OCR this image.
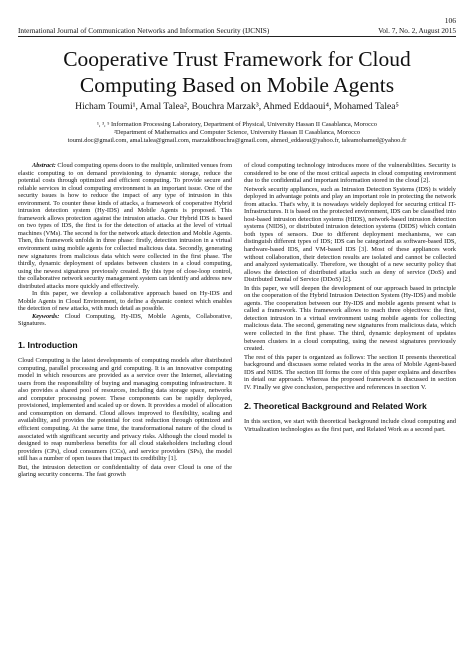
106
International Journal of Communication Networks and Information Security (IJCNIS)	Vol. 7, No. 2, August 2015
Cooperative Trust Framework for Cloud Computing Based on Mobile Agents
Hicham Toumi¹, Amal Talea², Bouchra Marzak³, Ahmed Eddaoui⁴, Mohamed Talea⁵
¹, ³, ⁵ Information Processing Laboratory, Department of Physical, University Hassan II Casablanca, Morocco
²Department of Mathematics and Computer Science, University Hassan II Casablanca, Morocco
toumi.doc@gmail.com, amal.talea@gmail.com, marzak8bouchra@gmail.com, ahmed_eddaoui@yahoo.fr, taleamohamed@yahoo.fr

Abstract: Cloud computing opens doors to the multiple, unlimited venues from elastic computing to on demand provisioning to dynamic storage, reduce the potential costs through optimized and efficient computing. To provide secure and reliable services in cloud computing environment is an important issue. One of the security issues is how to reduce the impact of any type of intrusion in this environment. To counter these kinds of attacks, a framework of cooperative Hybrid intrusion detection system (Hy-IDS) and Mobile Agents is proposed. This framework allows protection against the intrusion attacks. Our Hybrid IDS is based on two types of IDS, the first is for the detection of attacks at the level of virtual machines (VMs). The second is for the network attack detection and Mobile Agents. Then, this framework unfolds in three phase: firstly, detection intrusion in a virtual environment using mobile agents for collected malicious data. Secondly, generating new signatures from malicious data which were collected in the first phase. The thirdly, dynamic deployment of updates between clusters in a cloud computing, using the newest signatures previously created. By this type of close-loop control, the collaborative network security management system can identify and address new distributed attacks more quickly and effectively.

In this paper, we develop a collaborative approach based on Hy-IDS and Mobile Agents in Cloud Environment, to define a dynamic context which enables the detection of new attacks, with much detail as possible.

Keywords: Cloud Computing, Hy-IDS, Mobile Agents, Collaborative, Signatures.

1. Introduction

Cloud Computing is the latest developments of computing models after distributed computing, parallel processing and grid computing. It is an innovative computing model in which resources are provided as a service over the Internet, alleviating users from the responsibility of buying and managing computing infrastructure. It also provides a shared pool of resources, including data storage space, networks and computer processing power. These components can be rapidly deployed, provisioned, implemented and scaled up or down. It provides a model of allocation and consumption on demand. Cloud allows improved to flexibility, scaling and availability, and provides the potential for cost reduction through optimized and efficient computing. At the same time, the transformational nature of the cloud is associated with significant security and privacy risks. Although the cloud model is designed to reap numberless benefits for all cloud stakeholders including cloud providers (CPs), cloud consumers (CCs), and service providers (SPs), the model still has a number of open issues that impact its credibility [1].

But, the intrusion detection or confidentiality of data over Cloud is one of the glaring security concerns. The fast growth

of cloud computing technology introduces more of the vulnerabilities. Security is considered to be one of the most critical aspects in cloud computing environment due to the confidential and important information stored in the cloud [2].

Network security appliances, such as Intrusion Detection Systems (IDS) is widely deployed in advantage points and play an important role in protecting the network from attacks. That's why, it is nowadays widely deployed for securing critical IT-Infrastructures. It is based on the protected environment, IDS can be classified into host-based intrusion detection systems (HIDS), network-based intrusion detection systems (NIDS), or distributed intrusion detection systems (DIDS) which contain both types of sensors. Due to different deployment mechanisms, we can distinguish different types of IDS; IDS can be categorized as software-based IDS, hardware-based IDS, and VM-based IDS [3]. Most of these appliances work without collaboration, their detection results are isolated and cannot be collected and analyzed systematically. Therefore, we thought of a new security policy that allows the detection of distributed attacks such as deny of service (DoS) and Distributed Denial of Service (DDoS) [2].

In this paper, we will deepen the development of our approach based in principle on the cooperation of the Hybrid Intrusion Detection System (Hy-IDS) and mobile agents. The cooperation between our Hy-IDS and mobile agents present what is called a framework. This framework allows to reach three objectives: the first, detection intrusion in a virtual environment using mobile agents for collecting malicious data. The second, generating new signatures from malicious data, which were collected in the first phase. The third, dynamic deployment of updates between clusters in a cloud computing, using the newest signatures previously created.

The rest of this paper is organized as follows: The section II presents theoretical background and discusses some related works in the area of Mobile Agent-based IDS and NIDS. The section III forms the core of this paper explains and describes in detail our approach. Whereas the proposed framework is discussed in section IV. Finally we give conclusion, perspective and references in section V.

2. Theoretical Background and Related Work

In this section, we start with theoretical background include cloud computing and Virtualization technologies as the first part, and Related Work as a second part.
